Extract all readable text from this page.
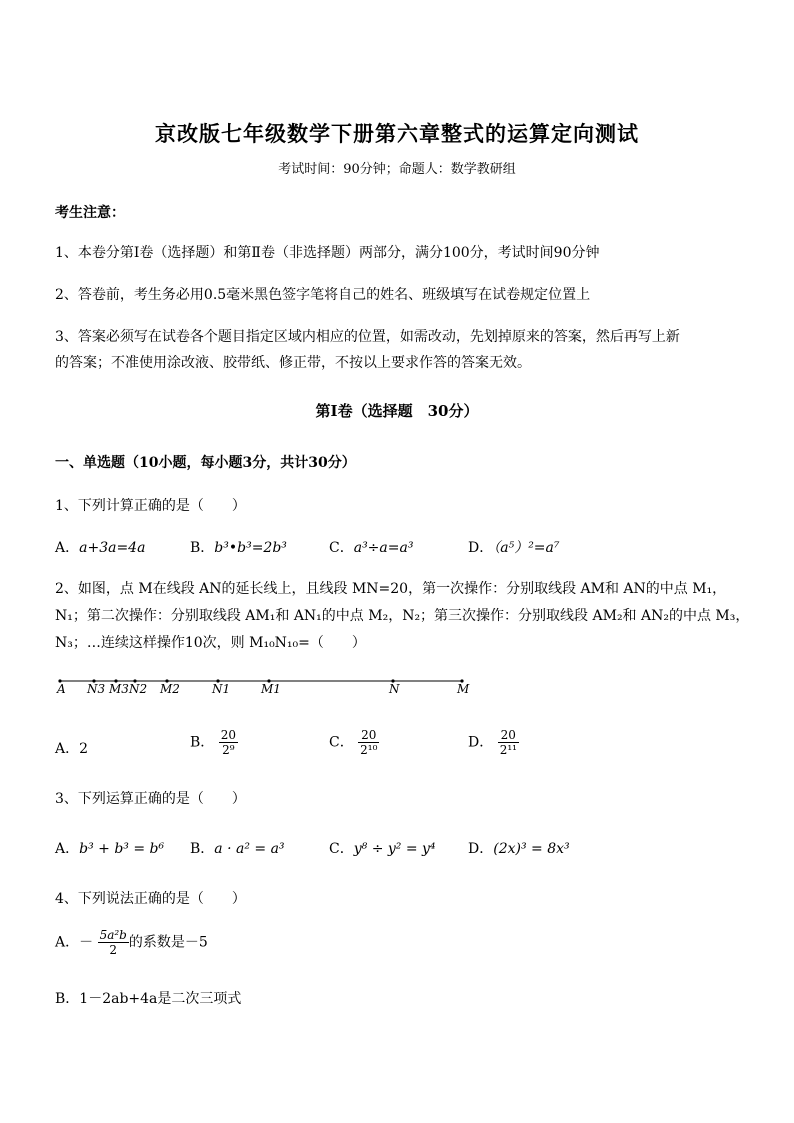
京改版七年级数学下册第六章整式的运算定向测试
考试时间：90分钟；命题人：数学教研组
考生注意：
1、本卷分第Ⅰ卷（选择题）和第Ⅱ卷（非选择题）两部分，满分100分，考试时间90分钟
2、答卷前，考生务必用0.5毫米黑色签字笔将自己的姓名、班级填写在试卷规定位置上
3、答案必须写在试卷各个题目指定区域内相应的位置，如需改动，先划掉原来的答案，然后再写上新
的答案；不准使用涂改液、胶带纸、修正带，不按以上要求作答的答案无效。
第Ⅰ卷（选择题　30分）
一、单选题（10小题，每小题3分，共计30分）
1、下列计算正确的是（　　）
A．a+3a=4a	B．b³•b³=2b³	C．a³÷a=a³	D．（a⁵）²=a⁷
2、如图，点 M在线段 AN的延长线上，且线段 MN=20，第一次操作：分别取线段 AM和 AN的中点 M₁，
N₁；第二次操作：分别取线段 AM₁和 AN₁的中点 M₂，N₂；第三次操作：分别取线段 AM₂和 AN₂的中点 M₃，
N₃；…连续这样操作10次，则 M₁₀N₁₀=（　　）
A N3 M3 N2 M2	N1	M1	N	M
A．2	B． $\frac{20}{\text{2⁹}}$	C． $\frac{20}{\text{2¹⁰}}$	D． $\frac{20}{\text{2¹¹}}$
3、下列运算正确的是（　　）
A．b³ + b³ = b⁶ B．a · a² = a³	C．y⁸ ÷ y² = y⁴ D．(2x)³ = 8x³
4、下列说法正确的是（　　）
A．－ $\frac{\text{5a²b}}{2}$ 的系数是－5
B．1－2ab+4a是二次三项式
